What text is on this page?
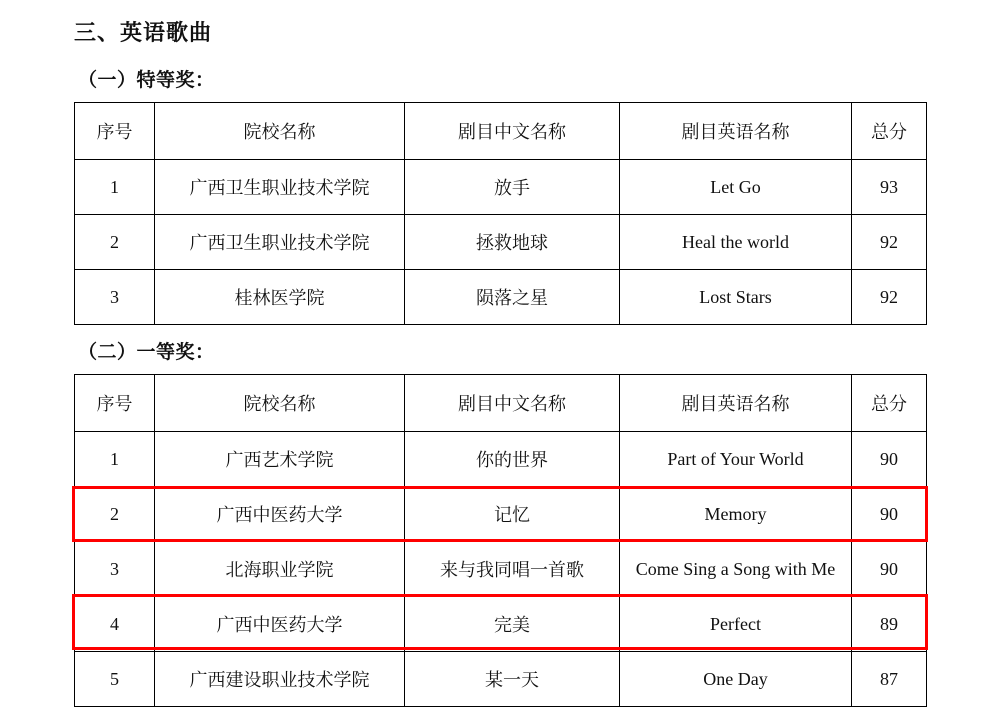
三、英语歌曲
（一）特等奖：
序号	院校名称	剧目中文名称	剧目英语名称	总分
1	广西卫生职业技术学院	放手	Let Go	93
2	广西卫生职业技术学院	拯救地球	Heal the world	92
3	桂林医学院	陨落之星	Lost Stars	92
（二）一等奖：
序号	院校名称	剧目中文名称	剧目英语名称	总分
1	广西艺术学院	你的世界	Part of Your World	90
2	广西中医药大学	记忆	Memory	90
3	北海职业学院	来与我同唱一首歌	Come Sing a Song with Me	90
4	广西中医药大学	完美	Perfect	89
5	广西建设职业技术学院	某一天	One Day	87
